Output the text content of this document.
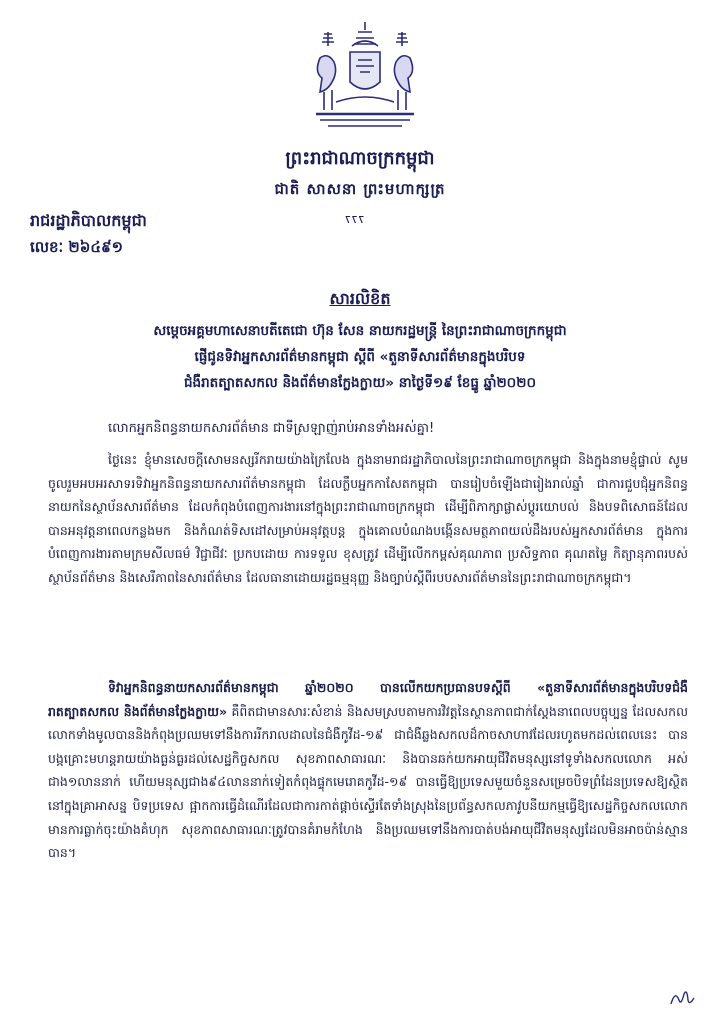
ព្រះរាជាណាចក្រកម្ពុជា
ជាតិ សាសនា ព្រះមហាក្សត្រ
ꧏꧏꧏ
រាជរដ្ឋាភិបាលកម្ពុជា
លេខៈ ២៦៤៩១
សារលិខិត
សម្ដេចអគ្គមហាសេនាបតីតេជោ ហ៊ុន សែន នាយករដ្ឋមន្ត្រី នៃព្រះរាជាណាចក្រកម្ពុជា
ផ្ញើជូនទិវាអ្នកសារព័ត៌មានកម្ពុជា ស្តីពី «តួនាទីសារព័ត៌មានក្នុងបរិបទ
ជំងឺរាតត្បាតសកល និងព័ត៌មានក្លែងក្លាយ» នាថ្ងៃទី១៩ ខែធ្នូ ឆ្នាំ២០២០
លោកអ្នកនិពន្ធនាយកសារព័ត៌មាន ជាទីស្រឡាញ់រាប់អានទាំងអស់គ្នា!
ថ្ងៃនេះ ខ្ញុំមានសេចក្តីសោមនស្សរីករាយយ៉ាងក្រៃលែង ក្នុងនាមរាជរដ្ឋាភិបាលនៃព្រះរាជាណាចក្រកម្ពុជា និងក្នុងនាមខ្ញុំផ្ទាល់ សូមចូលរួមអបអរសាទរទិវាអ្នកនិពន្ធនាយកសារព័ត៌មានកម្ពុជា ដែលក្លឹបអ្នកកាសែតកម្ពុជា បានរៀបចំឡើងជារៀងរាល់ឆ្នាំ ជាការជួបជុំអ្នកនិពន្ធនាយកនៃស្ថាប័នសារព័ត៌មាន ដែលកំពុងបំពេញការងារនៅក្នុងព្រះរាជាណាចក្រកម្ពុជា ដើម្បីពិភាក្សាផ្លាស់ប្តូរយោបល់ និងបទពិសោធន៍ដែលបានអនុវត្តនាពេលកន្លងមក និងកំណត់ទិសដៅសម្រាប់អនុវត្តបន្ត ក្នុងគោលបំណងបង្កើនសមត្ថភាពយល់ដឹងរបស់អ្នកសារព័ត៌មាន ក្នុងការបំពេញការងារតាមក្រមសីលធម៌ វិជ្ជាជីវៈ ប្រកបដោយ ការទទួល ខុសត្រូវ ដើម្បីលើកកម្ពស់គុណភាព ប្រសិទ្ធភាព គុណតម្លៃ កិត្យានុភាពរបស់ស្ថាប័នព័ត៌មាន និងសេរីភាពនៃសារព័ត៌មាន ដែលធានាដោយរដ្ឋធម្មនុញ្ញ និងច្បាប់ស្តីពីរបបសារព័ត៌មាននៃព្រះរាជាណាចក្រកម្ពុជា។
ទិវាអ្នកនិពន្ធនាយកសារព័ត៌មានកម្ពុជា ឆ្នាំ២០២០ បានលើកយកប្រធានបទស្តីពី «តួនាទីសារព័ត៌មានក្នុងបរិបទជំងឺរាតត្បាតសកល និងព័ត៌មានក្លែងក្លាយ» គឺពិតជាមានសារៈសំខាន់ និងសមស្របតាមការវិវត្តនៃស្ថានភាពជាក់ស្តែងនាពេលបច្ចុប្បន្ន ដែលសកលលោកទាំងមូលបាននិងកំពុងប្រឈមទៅនឹងការរីករាលដាលនៃជំងឺកូវីដ-១៩ ជាជំងឺឆ្លងសកលដ៏កាចសាហាវដែលរហូតមកដល់ពេលនេះ បានបង្កគ្រោះមហន្តរាយយ៉ាងធ្ងន់ធ្ងរដល់សេដ្ឋកិច្ចសកល សុខភាពសាធារណៈ និងបានឆក់យកអាយុជីវិតមនុស្សនៅទូទាំងសកលលោក អស់ជាង១លាននាក់ ហើយមនុស្សជាង៩៤លាននាក់ទៀតកំពុងផ្ទុកមេរោគកូវីដ-១៩ បានធ្វើឱ្យប្រទេសមួយចំនួនសម្រេចបិទព្រំដែនប្រទេសឱ្យស្ថិតនៅក្នុងគ្រាអាសន្ន បិទប្រទេស ផ្អាកការធ្វើដំណើរដែលជាការកាត់ផ្តាច់ស្ទើរតែទាំងស្រុងនៃប្រព័ន្ធសកលភាវូបនីយកម្មធ្វើឱ្យសេដ្ឋកិច្ចសកលលោក មានការធ្លាក់ចុះយ៉ាងគំហុក សុខភាពសាធារណៈត្រូវបានគំរាមកំហែង និងប្រឈមទៅនឹងការបាត់បង់អាយុជីវិតមនុស្សដែលមិនអាចប៉ាន់ស្មានបាន។
